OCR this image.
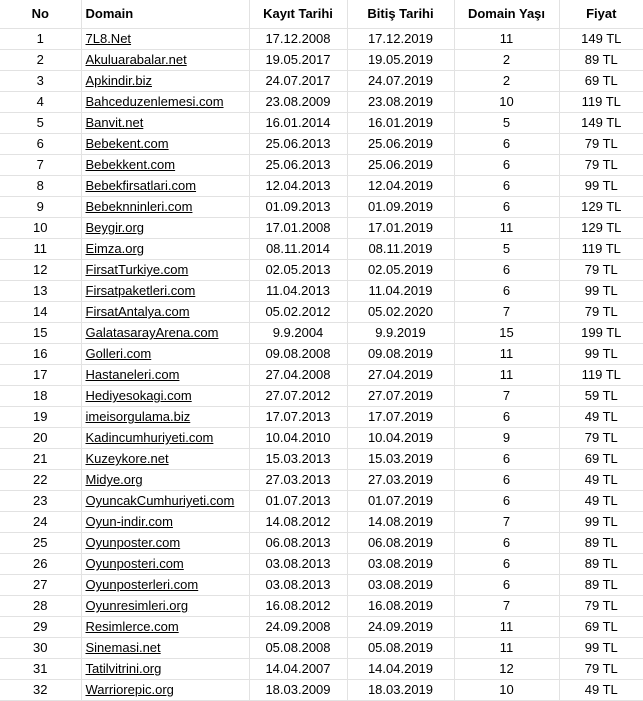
No	Domain	Kayıt Tarihi	Bitiş Tarihi	Domain Yaşı	Fiyat
1	7L8.Net	17.12.2008	17.12.2019	11	149 TL
2	Akuluarabalar.net	19.05.2017	19.05.2019	2	89 TL
3	Apkindir.biz	24.07.2017	24.07.2019	2	69 TL
4	Bahceduzenlemesi.com	23.08.2009	23.08.2019	10	119 TL
5	Banvit.net	16.01.2014	16.01.2019	5	149 TL
6	Bebekent.com	25.06.2013	25.06.2019	6	79 TL
7	Bebekkent.com	25.06.2013	25.06.2019	6	79 TL
8	Bebekfirsatlari.com	12.04.2013	12.04.2019	6	99 TL
9	Bebeknninleri.com	01.09.2013	01.09.2019	6	129 TL
10	Beygir.org	17.01.2008	17.01.2019	11	129 TL
11	Eimza.org	08.11.2014	08.11.2019	5	119 TL
12	FirsatTurkiye.com	02.05.2013	02.05.2019	6	79 TL
13	Firsatpaketleri.com	11.04.2013	11.04.2019	6	99 TL
14	FirsatAntalya.com	05.02.2012	05.02.2020	7	79 TL
15	GalatasarayArena.com	9.9.2004	9.9.2019	15	199 TL
16	Golleri.com	09.08.2008	09.08.2019	11	99 TL
17	Hastaneleri.com	27.04.2008	27.04.2019	11	119 TL
18	Hediyesokagi.com	27.07.2012	27.07.2019	7	59 TL
19	imeisorgulama.biz	17.07.2013	17.07.2019	6	49 TL
20	Kadincumhuriyeti.com	10.04.2010	10.04.2019	9	79 TL
21	Kuzeykore.net	15.03.2013	15.03.2019	6	69 TL
22	Midye.org	27.03.2013	27.03.2019	6	49 TL
23	OyuncakCumhuriyeti.com	01.07.2013	01.07.2019	6	49 TL
24	Oyun-indir.com	14.08.2012	14.08.2019	7	99 TL
25	Oyunposter.com	06.08.2013	06.08.2019	6	89 TL
26	Oyunposteri.com	03.08.2013	03.08.2019	6	89 TL
27	Oyunposterleri.com	03.08.2013	03.08.2019	6	89 TL
28	Oyunresimleri.org	16.08.2012	16.08.2019	7	79 TL
29	Resimlerce.com	24.09.2008	24.09.2019	11	69 TL
30	Sinemasi.net	05.08.2008	05.08.2019	11	99 TL
31	Tatilvitrini.org	14.04.2007	14.04.2019	12	79 TL
32	Warriorepic.org	18.03.2009	18.03.2019	10	49 TL
